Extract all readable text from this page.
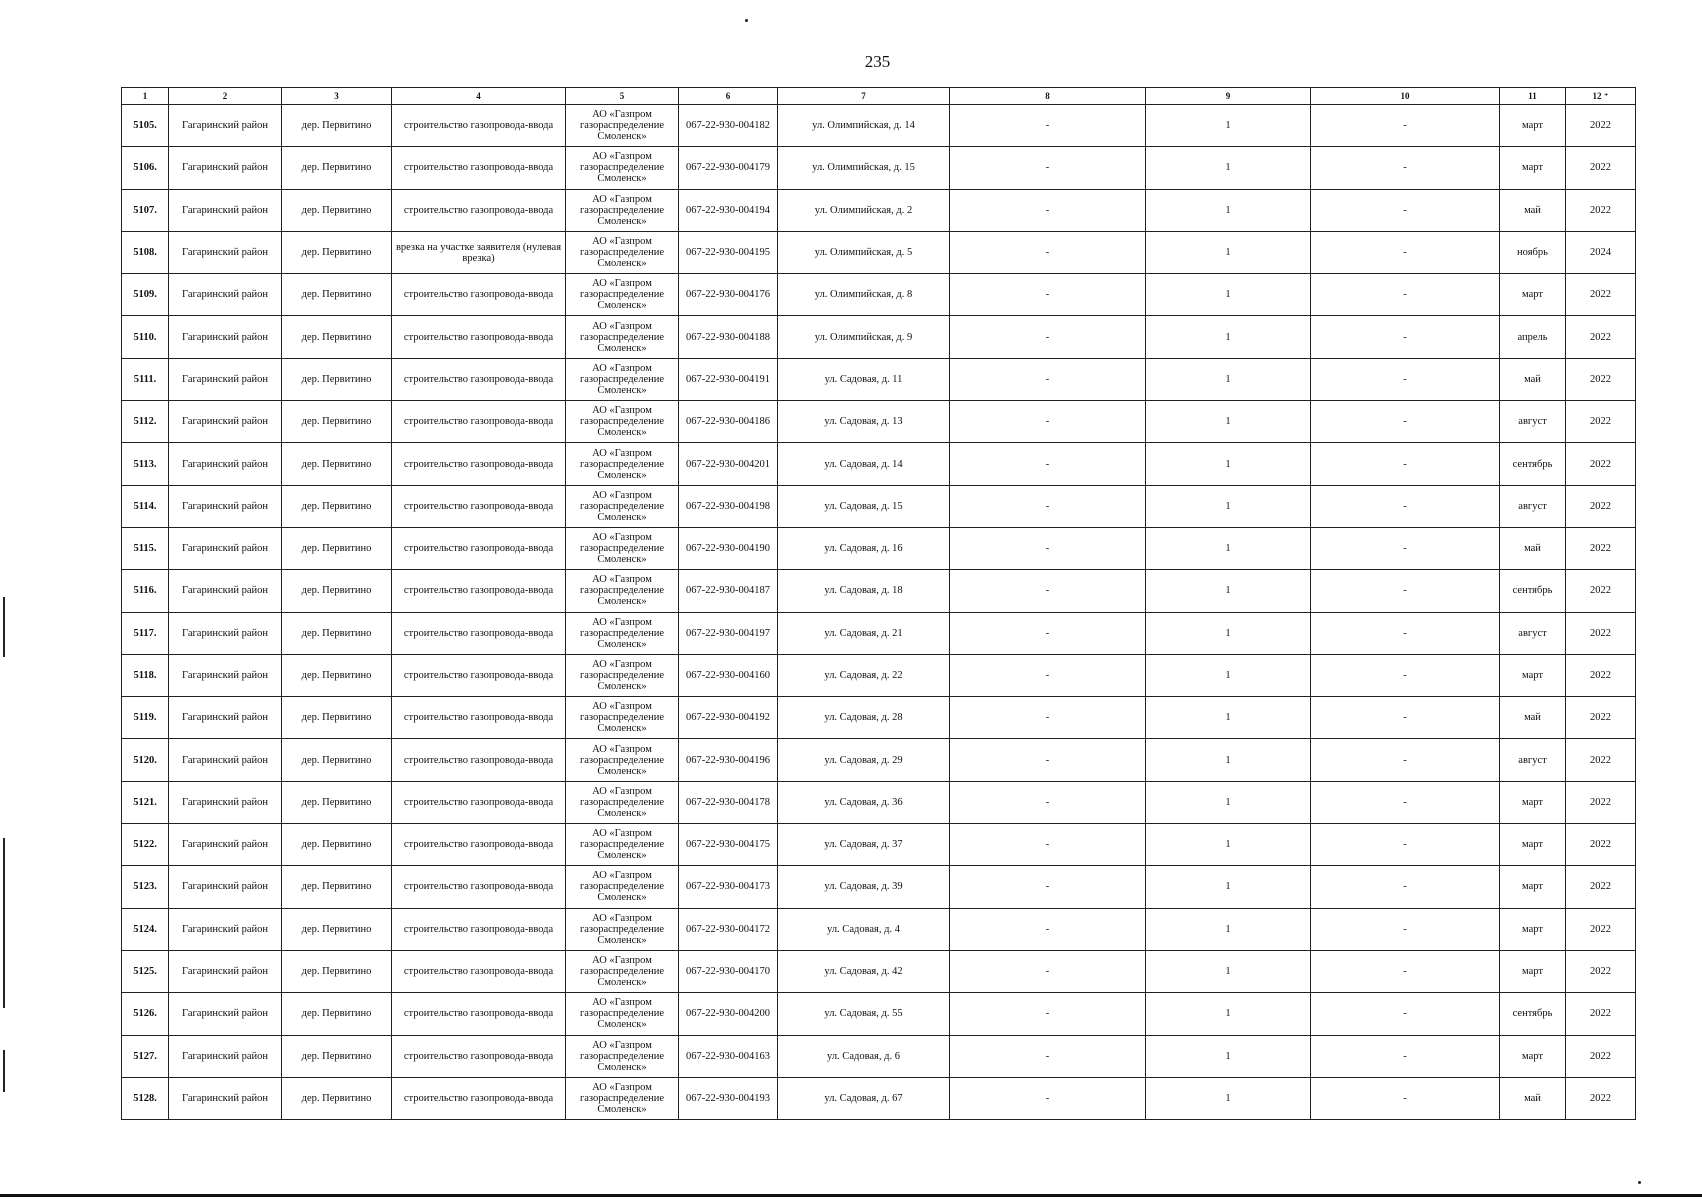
235
1	2	3	4	5	6	7	8	9	10	11	12 ⁺
5105.	Гагаринский район	дер. Первитино	строительство газопровода-ввода	АО «Газпром газораспределение Смоленск»	067-22-930-004182	ул. Олимпийская, д. 14	-	1	-	март	2022
5106.	Гагаринский район	дер. Первитино	строительство газопровода-ввода	АО «Газпром газораспределение Смоленск»	067-22-930-004179	ул. Олимпийская, д. 15	-	1	-	март	2022
5107.	Гагаринский район	дер. Первитино	строительство газопровода-ввода	АО «Газпром газораспределение Смоленск»	067-22-930-004194	ул. Олимпийская, д. 2	-	1	-	май	2022
5108.	Гагаринский район	дер. Первитино	врезка на участке заявителя (нулевая врезка)	АО «Газпром газораспределение Смоленск»	067-22-930-004195	ул. Олимпийская, д. 5	-	1	-	ноябрь	2024
5109.	Гагаринский район	дер. Первитино	строительство газопровода-ввода	АО «Газпром газораспределение Смоленск»	067-22-930-004176	ул. Олимпийская, д. 8	-	1	-	март	2022
5110.	Гагаринский район	дер. Первитино	строительство газопровода-ввода	АО «Газпром газораспределение Смоленск»	067-22-930-004188	ул. Олимпийская, д. 9	-	1	-	апрель	2022
5111.	Гагаринский район	дер. Первитино	строительство газопровода-ввода	АО «Газпром газораспределение Смоленск»	067-22-930-004191	ул. Садовая, д. 11	-	1	-	май	2022
5112.	Гагаринский район	дер. Первитино	строительство газопровода-ввода	АО «Газпром газораспределение Смоленск»	067-22-930-004186	ул. Садовая, д. 13	-	1	-	август	2022
5113.	Гагаринский район	дер. Первитино	строительство газопровода-ввода	АО «Газпром газораспределение Смоленск»	067-22-930-004201	ул. Садовая, д. 14	-	1	-	сентябрь	2022
5114.	Гагаринский район	дер. Первитино	строительство газопровода-ввода	АО «Газпром газораспределение Смоленск»	067-22-930-004198	ул. Садовая, д. 15	-	1	-	август	2022
5115.	Гагаринский район	дер. Первитино	строительство газопровода-ввода	АО «Газпром газораспределение Смоленск»	067-22-930-004190	ул. Садовая, д. 16	-	1	-	май	2022
5116.	Гагаринский район	дер. Первитино	строительство газопровода-ввода	АО «Газпром газораспределение Смоленск»	067-22-930-004187	ул. Садовая, д. 18	-	1	-	сентябрь	2022
5117.	Гагаринский район	дер. Первитино	строительство газопровода-ввода	АО «Газпром газораспределение Смоленск»	067-22-930-004197	ул. Садовая, д. 21	-	1	-	август	2022
5118.	Гагаринский район	дер. Первитино	строительство газопровода-ввода	АО «Газпром газораспределение Смоленск»	067-22-930-004160	ул. Садовая, д. 22	-	1	-	март	2022
5119.	Гагаринский район	дер. Первитино	строительство газопровода-ввода	АО «Газпром газораспределение Смоленск»	067-22-930-004192	ул. Садовая, д. 28	-	1	-	май	2022
5120.	Гагаринский район	дер. Первитино	строительство газопровода-ввода	АО «Газпром газораспределение Смоленск»	067-22-930-004196	ул. Садовая, д. 29	-	1	-	август	2022
5121.	Гагаринский район	дер. Первитино	строительство газопровода-ввода	АО «Газпром газораспределение Смоленск»	067-22-930-004178	ул. Садовая, д. 36	-	1	-	март	2022
5122.	Гагаринский район	дер. Первитино	строительство газопровода-ввода	АО «Газпром газораспределение Смоленск»	067-22-930-004175	ул. Садовая, д. 37	-	1	-	март	2022
5123.	Гагаринский район	дер. Первитино	строительство газопровода-ввода	АО «Газпром газораспределение Смоленск»	067-22-930-004173	ул. Садовая, д. 39	-	1	-	март	2022
5124.	Гагаринский район	дер. Первитино	строительство газопровода-ввода	АО «Газпром газораспределение Смоленск»	067-22-930-004172	ул. Садовая, д. 4	-	1	-	март	2022
5125.	Гагаринский район	дер. Первитино	строительство газопровода-ввода	АО «Газпром газораспределение Смоленск»	067-22-930-004170	ул. Садовая, д. 42	-	1	-	март	2022
5126.	Гагаринский район	дер. Первитино	строительство газопровода-ввода	АО «Газпром газораспределение Смоленск»	067-22-930-004200	ул. Садовая, д. 55	-	1	-	сентябрь	2022
5127.	Гагаринский район	дер. Первитино	строительство газопровода-ввода	АО «Газпром газораспределение Смоленск»	067-22-930-004163	ул. Садовая, д. 6	-	1	-	март	2022
5128.	Гагаринский район	дер. Первитино	строительство газопровода-ввода	АО «Газпром газораспределение Смоленск»	067-22-930-004193	ул. Садовая, д. 67	-	1	-	май	2022
